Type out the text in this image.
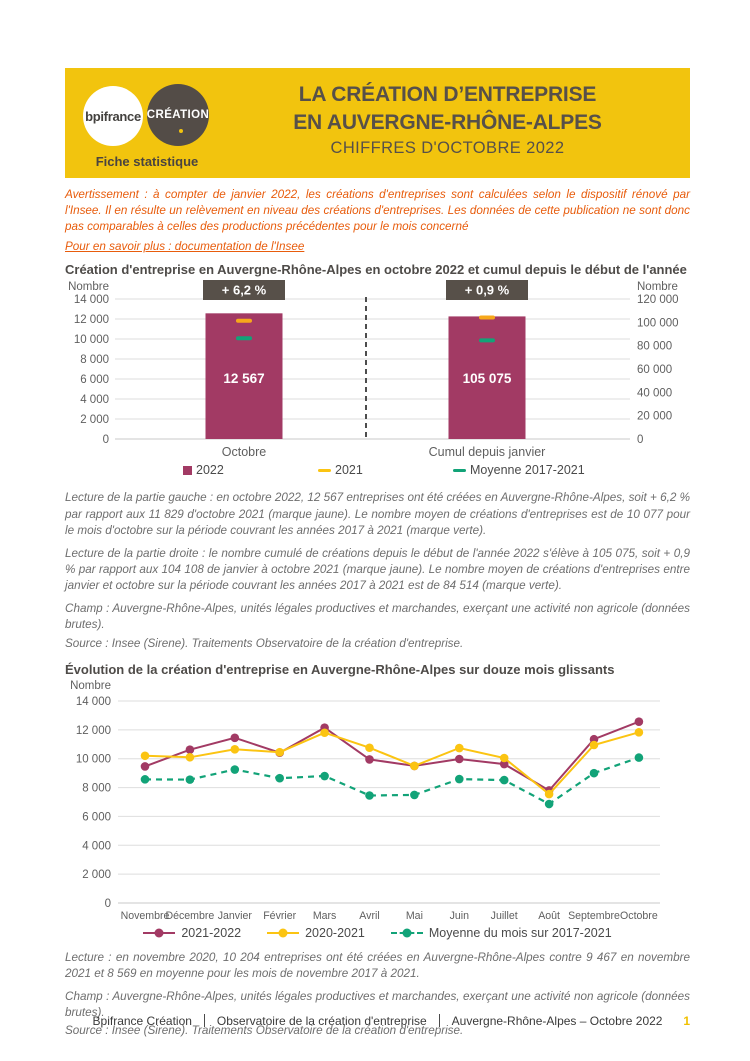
bpifrance CRÉATION
Fiche statistique
LA CRÉATION D’ENTREPRISE
EN AUVERGNE-RHÔNE-ALPES
CHIFFRES D'OCTOBRE 2022

Avertissement : à compter de janvier 2022, les créations d'entreprises sont calculées selon le dispositif rénové par l'Insee. Il en résulte un relèvement en niveau des créations d'entreprises. Les données de cette publication ne sont donc pas comparables à celles des productions précédentes pour le mois concerné

Pour en savoir plus : documentation de l'Insee

Création d'entreprise en Auvergne-Rhône-Alpes en octobre 2022 et cumul depuis le début de l'année
0
2 000
4 000
6 000
8 000
10 000
12 000
14 000
0
20 000
40 000
60 000
80 000
100 000
120 000
Nombre	Nombre
+ 6,2 %
12 567
Octobre
+ 0,9 %
105 075
Cumul depuis janvier
2022	2021	Moyenne 2017-2021

Lecture de la partie gauche : en octobre 2022, 12 567 entreprises ont été créées en Auvergne-Rhône-Alpes, soit + 6,2 % par rapport aux 11 829 d'octobre 2021 (marque jaune). Le nombre moyen de créations d'entreprises est de 10 077 pour le mois d'octobre sur la période couvrant les années 2017 à 2021 (marque verte).

Lecture de la partie droite : le nombre cumulé de créations depuis le début de l'année 2022 s'élève à 105 075, soit + 0,9 % par rapport aux 104 108 de janvier à octobre 2021 (marque jaune). Le nombre moyen de créations d'entreprises entre janvier et octobre sur la période couvrant les années 2017 à 2021 est de 84 514 (marque verte).

Champ : Auvergne-Rhône-Alpes, unités légales productives et marchandes, exerçant une activité non agricole (données brutes).

Source : Insee (Sirene). Traitements Observatoire de la création d'entreprise.

Évolution de la création d'entreprise en Auvergne-Rhône-Alpes sur douze mois glissants
0
2 000
4 000
6 000
8 000
10 000
12 000
14 000
Nombre
Novembre
Décembre Janvier Février Mars Avril Mai	Juin Juillet Août Septembre Octobre
2021-2022	2020-2021	Moyenne du mois sur 2017-2021

Lecture : en novembre 2020, 10 204 entreprises ont été créées en Auvergne-Rhône-Alpes contre 9 467 en novembre 2021 et 8 569 en moyenne pour les mois de novembre 2017 à 2021.

Champ : Auvergne-Rhône-Alpes, unités légales productives et marchandes, exerçant une activité non agricole (données brutes).

Source : Insee (Sirene). Traitements Observatoire de la création d'entreprise.

Bpifrance Création Observatoire de la création d'entreprise Auvergne-Rhône-Alpes – Octobre 2022 1
